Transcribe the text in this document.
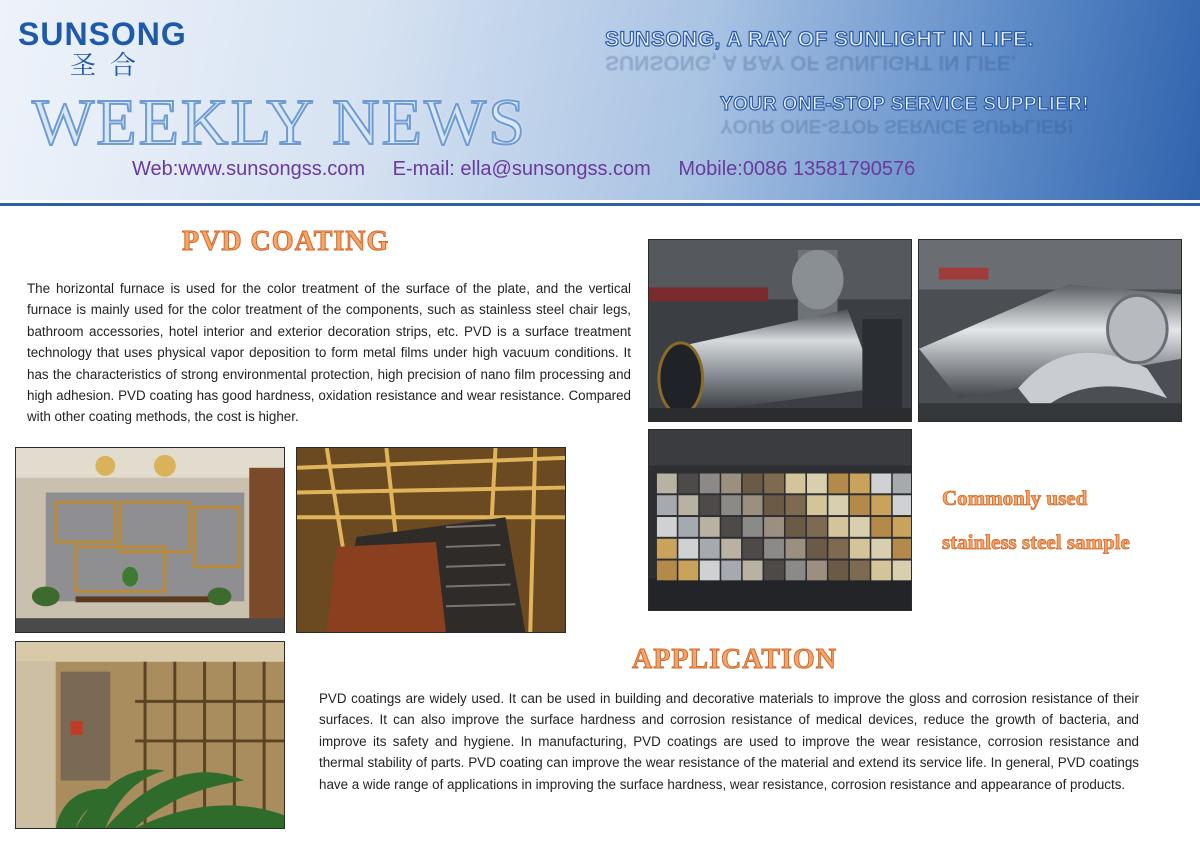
SUNSONG
圣合
WEEKLY NEWS
SUNSONG, A RAY OF SUNLIGHT IN LIFE.
SUNSONG, A RAY OF SUNLIGHT IN LIFE.
YOUR ONE-STOP SERVICE SUPPLIER!
YOUR ONE-STOP SERVICE SUPPLIER!
Web:www.sunsongss.com E-mail: ella@sunsongss.com Mobile:0086 13581790576
PVD COATING
The horizontal furnace is used for the color treatment of the surface of the plate, and the vertical furnace is mainly used for the color treatment of the components, such as stainless steel chair legs, bathroom accessories, hotel interior and exterior decoration strips, etc. PVD is a surface treatment technology that uses physical vapor deposition to form metal films under high vacuum conditions. It has the characteristics of strong environmental protection, high precision of nano film processing and high adhesion. PVD coating has good hardness, oxidation resistance and wear resistance. Compared with other coating methods, the cost is higher.
Commonly used
stainless steel sample
APPLICATION
PVD coatings are widely used. It can be used in building and decorative materials to improve the gloss and corrosion resistance of their surfaces. It can also improve the surface hardness and corrosion resistance of medical devices, reduce the growth of bacteria, and improve its safety and hygiene. In manufacturing, PVD coatings are used to improve the wear resistance, corrosion resistance and thermal stability of parts. PVD coating can improve the wear resistance of the material and extend its service life. In general, PVD coatings have a wide range of applications in improving the surface hardness, wear resistance, corrosion resistance and appearance of products.
